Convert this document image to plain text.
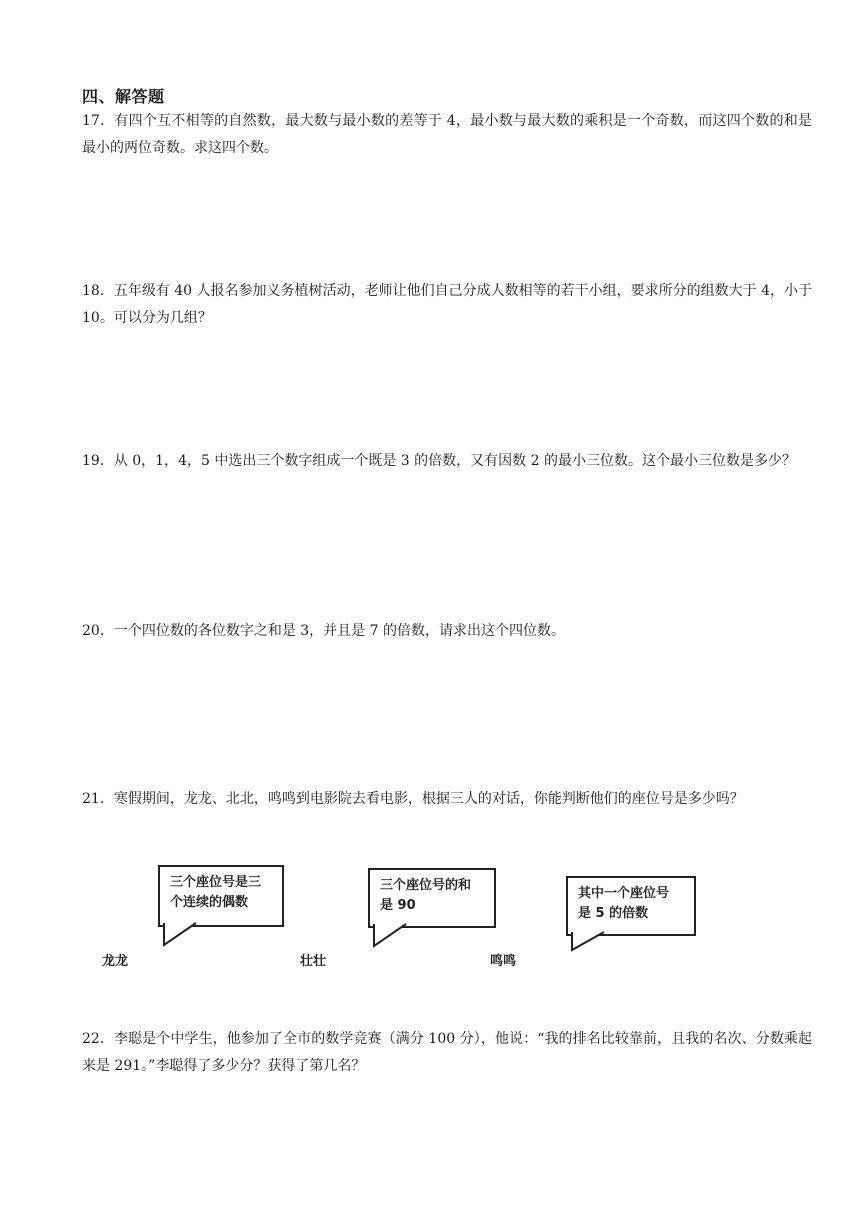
四、解答题
17．有四个互不相等的自然数，最大数与最小数的差等于 4，最小数与最大数的乘积是一个奇数，而这四个数的和是最小的两位奇数。求这四个数。
18．五年级有 40 人报名参加义务植树活动，老师让他们自己分成人数相等的若干小组，要求所分的组数大于 4，小于 10。可以分为几组？
19．从 0，1，4，5 中选出三个数字组成一个既是 3 的倍数，又有因数 2 的最小三位数。这个最小三位数是多少？
20．一个四位数的各位数字之和是 3，并且是 7 的倍数，请求出这个四位数。
21．寒假期间，龙龙、北北，鸣鸣到电影院去看电影，根据三人的对话，你能判断他们的座位号是多少吗？
三个座位号是三
个连续的偶数
三个座位号的和
是 90
其中一个座位号
是 5 的倍数
龙龙	壮壮	鸣鸣
22．李聪是个中学生，他参加了全市的数学竞赛（满分 100 分），他说：“我的排名比较靠前，且我的名次、分数乘起来是 291。”李聪得了多少分？获得了第几名？
